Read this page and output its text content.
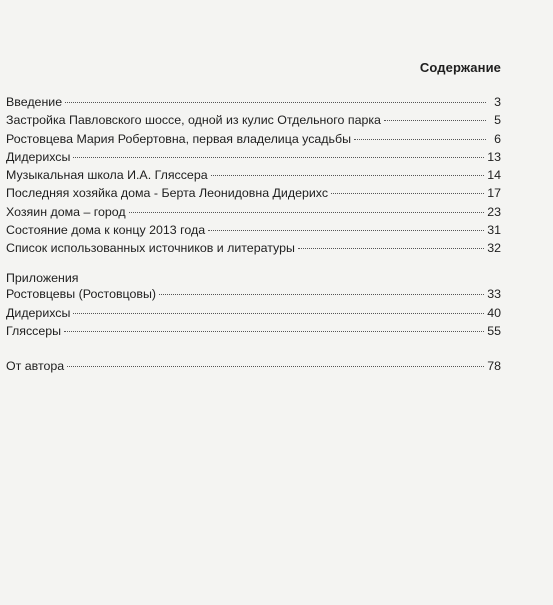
Содержание
Введение	3
Застройка Павловского шоссе, одной из кулис Отдельного парка	5
Ростовцева Мария Робертовна, первая владелица усадьбы	6
Дидерихсы	13
Музыкальная школа И.А. Гляссера	14
Последняя хозяйка дома - Берта Леонидовна Дидерихс	17
Хозяин дома – город	23
Состояние дома к концу 2013 года	31
Список использованных источников и литературы	32
Приложения
Ростовцевы (Ростовцовы)	33
Дидерихсы	40
Гляссеры	55
От автора	78
